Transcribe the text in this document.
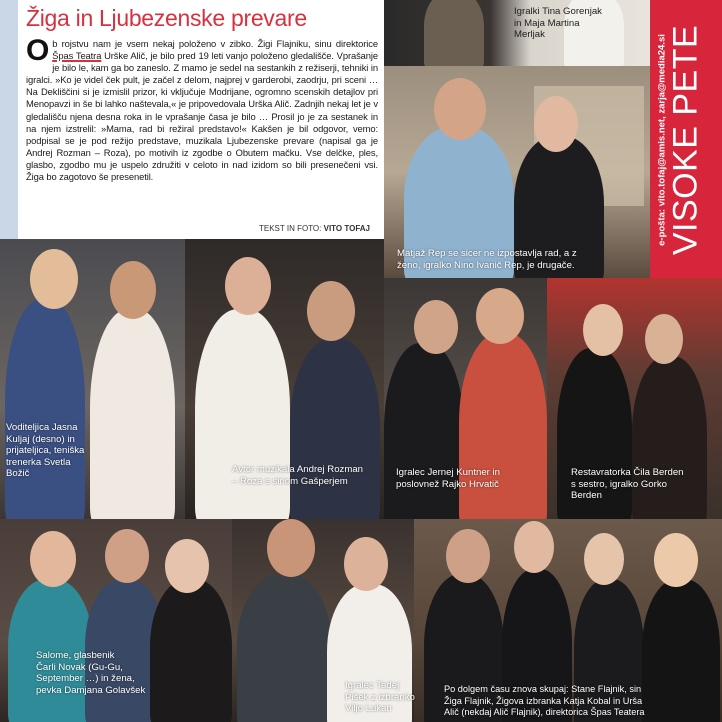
Žiga in Ljubezenske prevare
Ob rojstvu nam je vsem nekaj položeno v zibko. Žigi Flajniku, sinu direktorice Špas Teatra Urške Alič, je bilo pred 19 leti vanjo položeno gledališče. Vprašanje je bilo le, kam ga bo zaneslo. Z mamo je sedel na sestankih z režiserji, tehniki in igralci. »Ko je videl ček pult, je začel z delom, najprej v garderobi, zaodrju, pri sceni … Na Dekliščini si je izmislil prizor, ki vključuje Modrijane, ogromno scenskih detajlov pri Menopavzi in še bi lahko naštevala,« je pripovedovala Urška Alič. Zadnjih nekaj let je v gledališču njena desna roka in le vprašanje časa je bilo … Prosil jo je za sestanek in na njem izstrelil: »Mama, rad bi režiral predstavo!« Kakšen je bil odgovor, vemo: podpisal se je pod režijo predstave, muzikala Ljubezenske prevare (napisal ga je Andrej Rozman – Roza), po motivih iz zgodbe o Obutem mačku. Vse delčke, ples, glasbo, zgodbo mu je uspelo združiti v celoto in nad izidom so bili presenečeni vsi. Žiga bo zagotovo še presenetil.
TEKST IN FOTO: VITO TOFAJ	e-pošta: vito.tofaj@amis.net, zarja@media24.si VISOKE PETE
Igralki Tina Gorenjak
in Maja Martina
Merljak
Matjaž Rep se sicer ne izpostavlja rad, a z
ženo, igralko Nino Ivanič Rep, je drugače.
Voditeljica Jasna
Kuljaj (desno) in
prijateljica, teniška
trenerka Svetla
Božič	Avtor muzikala Andrej Rozman
– Roza s sinom Gašperjem
Igralec Jernej Kuntner in
poslovnež Rajko Hrvatič
Restavratorka Čila Berden
s sestro, igralko Gorko
Berden
Salome, glasbenik
Čarli Novak (Gu-Gu,
September …) in žena,
pevka Damjana Golavšek	Igralec Tadej
Pišek z izbranko
Viljo Lukan
Po dolgem času znova skupaj: Stane Flajnik, sin
Žiga Flajnik, Žigova izbranka Katja Kobal in Urša
Alič (nekdaj Alič Flajnik), direktorica Špas Teatera
